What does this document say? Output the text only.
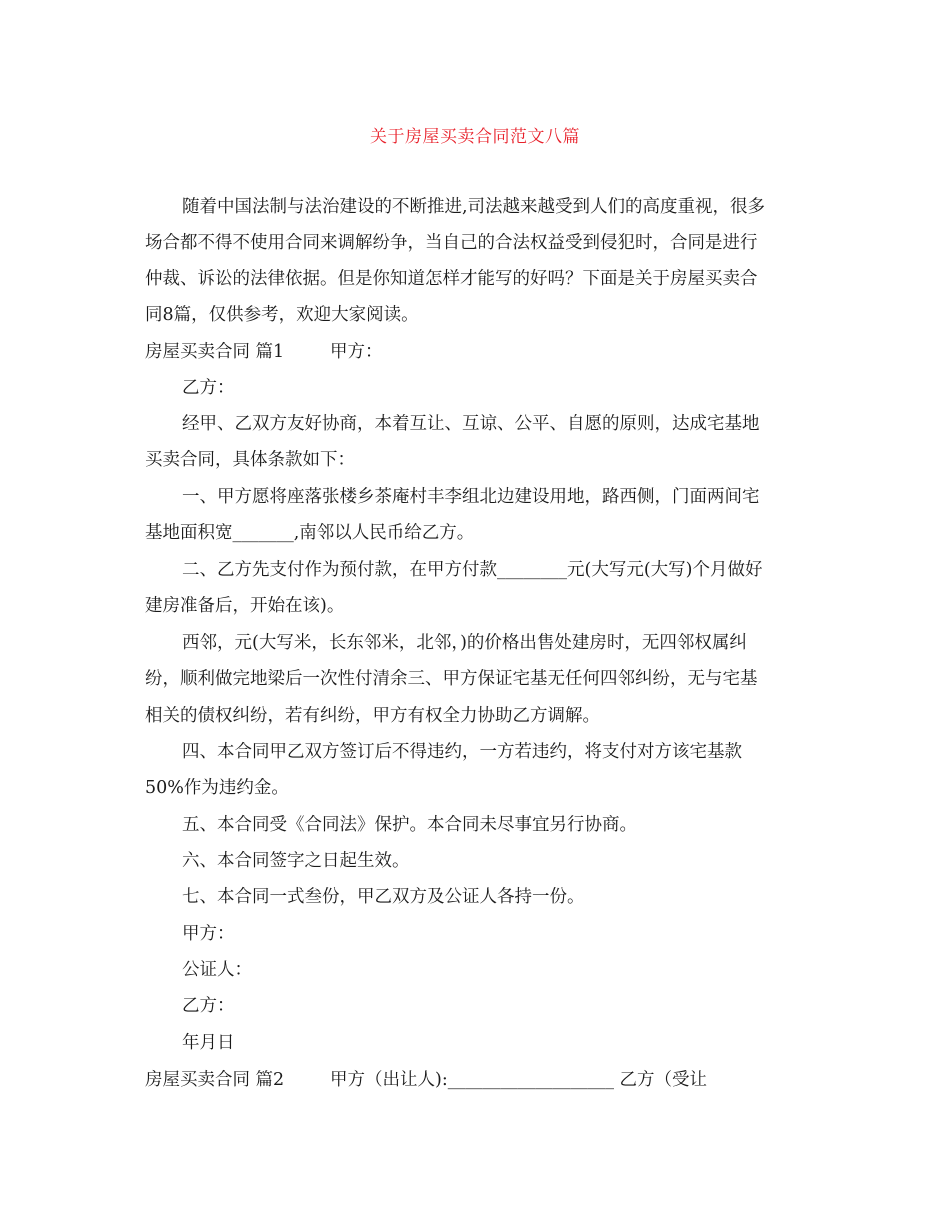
关于房屋买卖合同范文八篇
随着中国法制与法治建设的不断推进,司法越来越受到人们的高度重视，很多
场合都不得不使用合同来调解纷争，当自己的合法权益受到侵犯时，合同是进行
仲裁、诉讼的法律依据。但是你知道怎样才能写的好吗？下面是关于房屋买卖合
同8篇，仅供参考，欢迎大家阅读。
房屋买卖合同 篇1	甲方：
乙方：
经甲、乙双方友好协商，本着互让、互谅、公平、自愿的原则，达成宅基地
买卖合同，具体条款如下：
一、甲方愿将座落张楼乡茶庵村丰李组北边建设用地，路西侧，门面两间宅
基地面积宽_______,南邻以人民币给乙方。
二、乙方先支付作为预付款，在甲方付款________元(大写元(大写)个月做好
建房准备后，开始在该)。
西邻，元(大写米，长东邻米，北邻，)的价格出售处建房时，无四邻权属纠
纷，顺利做完地梁后一次性付清余三、甲方保证宅基无任何四邻纠纷，无与宅基
相关的债权纠纷，若有纠纷，甲方有权全力协助乙方调解。
四、本合同甲乙双方签订后不得违约，一方若违约，将支付对方该宅基款
50%作为违约金。
五、本合同受《合同法》保护。本合同未尽事宜另行协商。
六、本合同签字之日起生效。
七、本合同一式叁份，甲乙双方及公证人各持一份。
甲方：
公证人：
乙方：
年月日
房屋买卖合同 篇2	甲方（出让人):___________________ 乙方（受让
